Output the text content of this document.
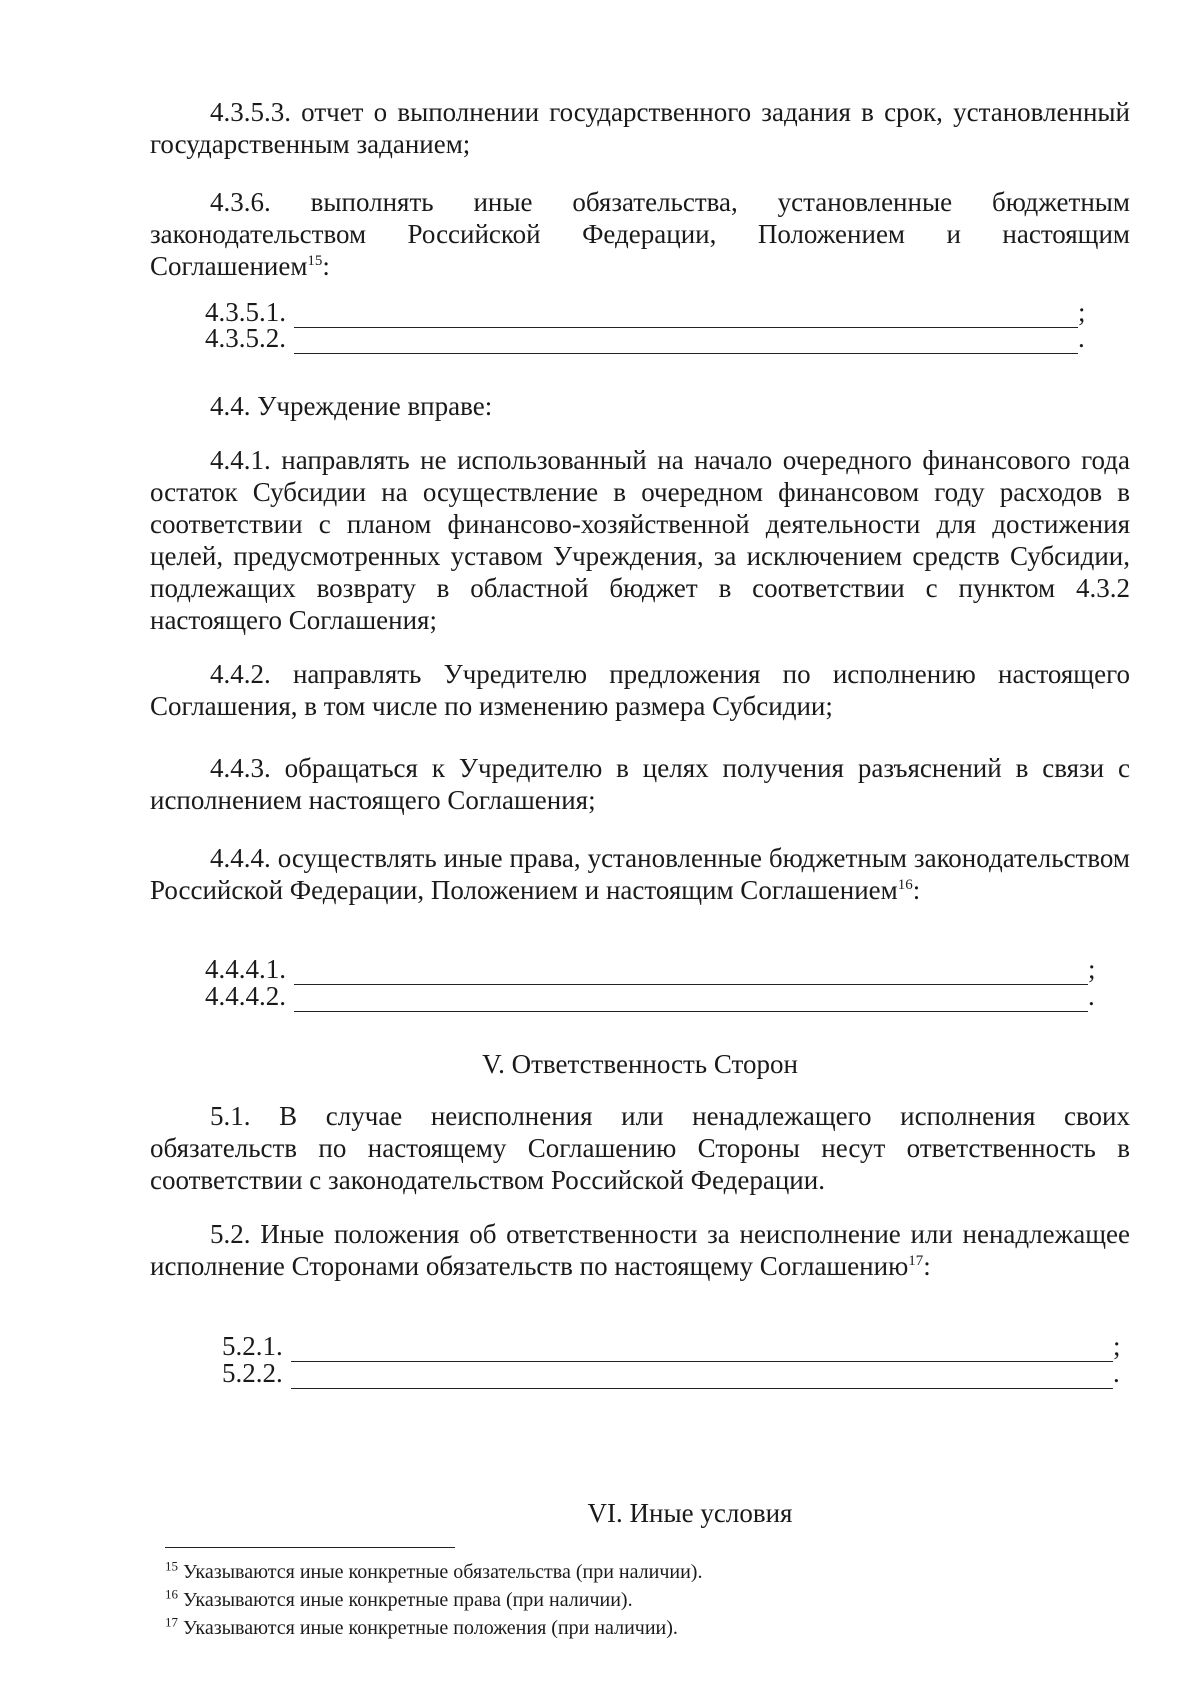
4.3.5.3. отчет о выполнении государственного задания в срок, установленный государственным заданием;

4.3.6. выполнять иные обязательства, установленные бюджетным законодательством Российской Федерации, Положением и настоящим Соглашением$^{15}$:

4.3.5.1.	;
4.3.5.2.	.

4.4. Учреждение вправе:

4.4.1. направлять не использованный на начало очередного финансового года остаток Субсидии на осуществление в очередном финансовом году расходов в соответствии с планом финансово-хозяйственной деятельности для достижения целей, предусмотренных уставом Учреждения, за исключением средств Субсидии, подлежащих возврату в областной бюджет в соответствии с пунктом 4.3.2 настоящего Соглашения;

4.4.2. направлять Учредителю предложения по исполнению настоящего Соглашения, в том числе по изменению размера Субсидии;

4.4.3. обращаться к Учредителю в целях получения разъяснений в связи с исполнением настоящего Соглашения;

4.4.4. осуществлять иные права, установленные бюджетным законодательством Российской Федерации, Положением и настоящим Соглашением$^{16}$:

4.4.4.1.	;
4.4.4.2.	.

V. Ответственность Сторон

5.1. В случае неисполнения или ненадлежащего исполнения своих обязательств по настоящему Соглашению Стороны несут ответственность в соответствии с законодательством Российской Федерации.

5.2. Иные положения об ответственности за неисполнение или ненадлежащее исполнение Сторонами обязательств по настоящему Соглашению$^{17}$:

5.2.1.	;
5.2.2.	.

VI. Иные условия

$^{15}$ Указываются иные конкретные обязательства (при наличии).

$^{16}$ Указываются иные конкретные права (при наличии).

$^{17}$ Указываются иные конкретные положения (при наличии).
